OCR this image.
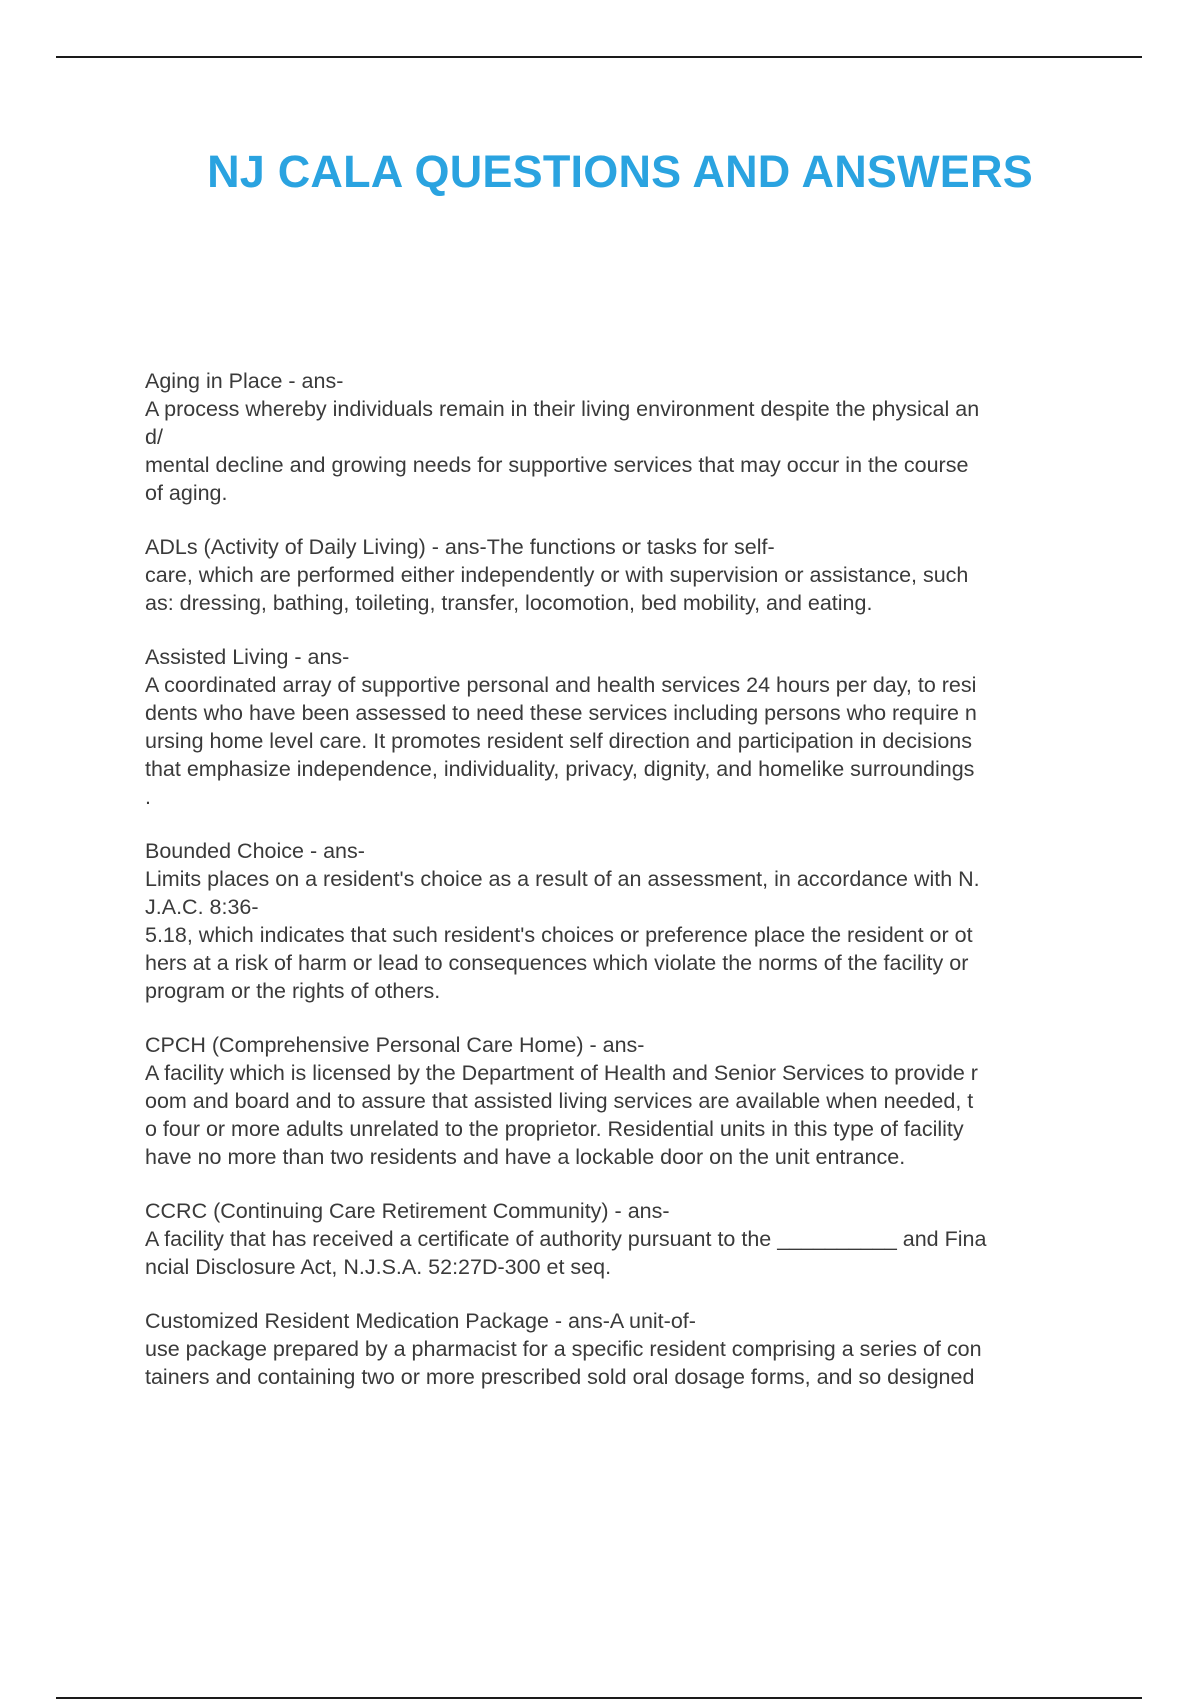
NJ CALA QUESTIONS AND ANSWERS
Aging in Place - ans-
A process whereby individuals remain in their living environment despite the physical an
d/
mental decline and growing needs for supportive services that may occur in the course
of aging.
ADLs (Activity of Daily Living) - ans-The functions or tasks for self-
care, which are performed either independently or with supervision or assistance, such
as: dressing, bathing, toileting, transfer, locomotion, bed mobility, and eating.
Assisted Living - ans-
A coordinated array of supportive personal and health services 24 hours per day, to resi
dents who have been assessed to need these services including persons who require n
ursing home level care. It promotes resident self direction and participation in decisions
that emphasize independence, individuality, privacy, dignity, and homelike surroundings
.
Bounded Choice - ans-
Limits places on a resident's choice as a result of an assessment, in accordance with N.
J.A.C. 8:36-
5.18, which indicates that such resident's choices or preference place the resident or ot
hers at a risk of harm or lead to consequences which violate the norms of the facility or
program or the rights of others.
CPCH (Comprehensive Personal Care Home) - ans-
A facility which is licensed by the Department of Health and Senior Services to provide r
oom and board and to assure that assisted living services are available when needed, t
o four or more adults unrelated to the proprietor. Residential units in this type of facility
have no more than two residents and have a lockable door on the unit entrance.
CCRC (Continuing Care Retirement Community) - ans-
A facility that has received a certificate of authority pursuant to the __________ and Fina
ncial Disclosure Act, N.J.S.A. 52:27D-300 et seq.
Customized Resident Medication Package - ans-A unit-of-
use package prepared by a pharmacist for a specific resident comprising a series of con
tainers and containing two or more prescribed sold oral dosage forms, and so designed
